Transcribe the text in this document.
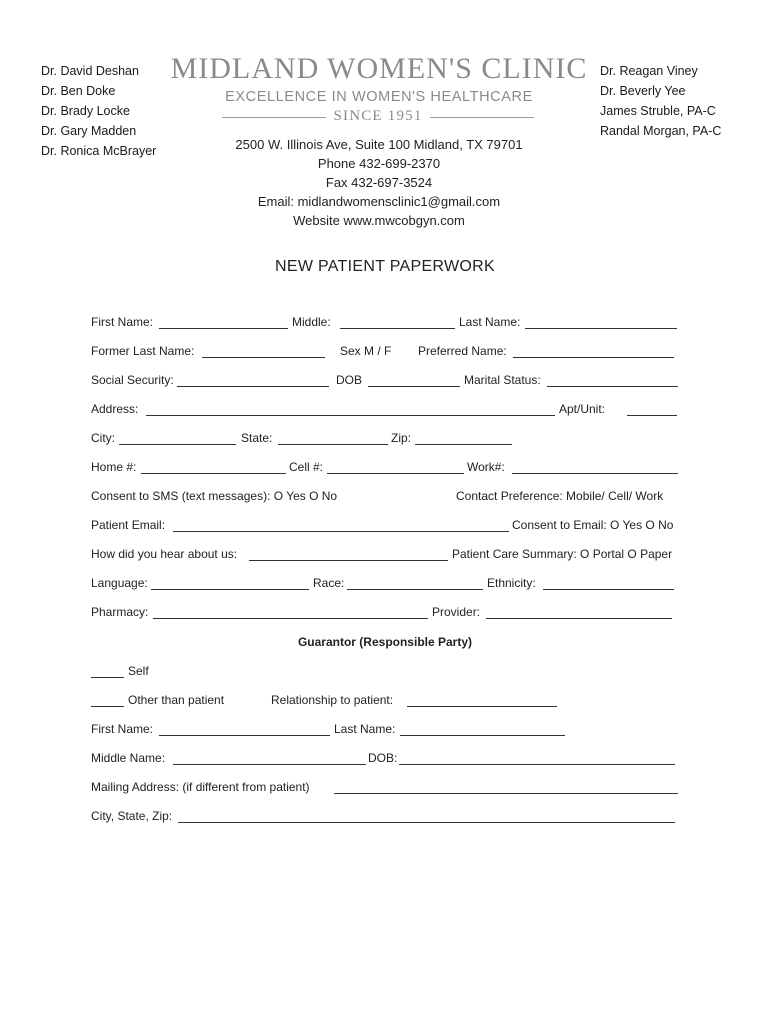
Dr. David Deshan
Dr. Ben Doke
Dr. Brady Locke
Dr. Gary Madden
Dr. Ronica McBrayer
MIDLAND WOMEN'S CLINIC
EXCELLENCE IN WOMEN'S HEALTHCARE
SINCE 1951
Dr. Reagan Viney
Dr. Beverly Yee
James Struble, PA-C
Randal Morgan, PA-C
2500 W. Illinois Ave, Suite 100 Midland, TX 79701
Phone 432-699-2370
Fax 432-697-3524
Email: midlandwomensclinic1@gmail.com
Website www.mwcobgyn.com
NEW PATIENT PAPERWORK
First Name:	Middle:	Last Name:
Former Last Name:	Sex M / F Preferred Name:
Social Security:	DOB	Marital Status:
Address:	Apt/Unit:
City:	State:	Zip:
Home #:	Cell #:	Work#:
Consent to SMS (text messages): O Yes O No	Contact Preference: Mobile/ Cell/ Work
Patient Email:	Consent to Email: O Yes O No
How did you hear about us:	Patient Care Summary: O Portal O Paper
Language:	Race:	Ethnicity:
Pharmacy:	Provider:
Guarantor (Responsible Party)
Self
Other than patient	Relationship to patient:
First Name:	Last Name:
Middle Name:	DOB:
Mailing Address: (if different from patient)
City, State, Zip:
